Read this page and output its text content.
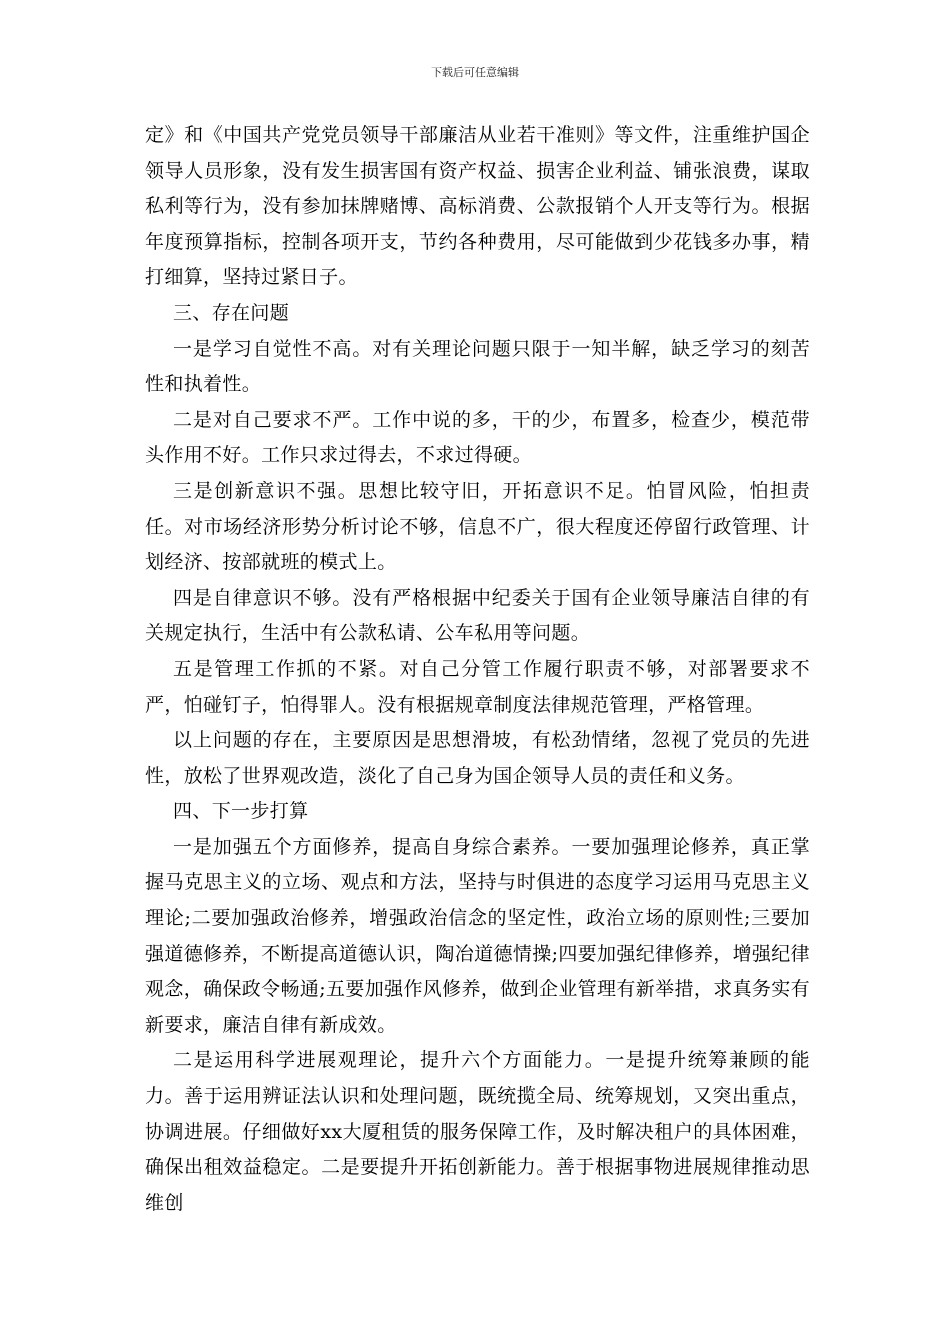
下载后可任意编辑

定》和《中国共产党党员领导干部廉洁从业若干准则》等文件，注重维护国企领导人员形象，没有发生损害国有资产权益、损害企业利益、铺张浪费，谋取私利等行为，没有参加抹牌赌博、高标消费、公款报销个人开支等行为。根据年度预算指标，控制各项开支，节约各种费用，尽可能做到少花钱多办事，精打细算，坚持过紧日子。

三、存在问题

一是学习自觉性不高。对有关理论问题只限于一知半解，缺乏学习的刻苦性和执着性。

二是对自己要求不严。工作中说的多，干的少，布置多，检查少，模范带头作用不好。工作只求过得去，不求过得硬。

三是创新意识不强。思想比较守旧，开拓意识不足。怕冒风险，怕担责任。对市场经济形势分析讨论不够，信息不广，很大程度还停留行政管理、计划经济、按部就班的模式上。

四是自律意识不够。没有严格根据中纪委关于国有企业领导廉洁自律的有关规定执行，生活中有公款私请、公车私用等问题。

五是管理工作抓的不紧。对自己分管工作履行职责不够，对部署要求不严，怕碰钉子，怕得罪人。没有根据规章制度法律规范管理，严格管理。

以上问题的存在，主要原因是思想滑坡，有松劲情绪，忽视了党员的先进性，放松了世界观改造，淡化了自己身为国企领导人员的责任和义务。

四、下一步打算

一是加强五个方面修养，提高自身综合素养。一要加强理论修养，真正掌握马克思主义的立场、观点和方法，坚持与时俱进的态度学习运用马克思主义理论;二要加强政治修养，增强政治信念的坚定性，政治立场的原则性;三要加强道德修养，不断提高道德认识，陶冶道德情操;四要加强纪律修养，增强纪律观念，确保政令畅通;五要加强作风修养，做到企业管理有新举措，求真务实有新要求，廉洁自律有新成效。

二是运用科学进展观理论，提升六个方面能力。一是提升统筹兼顾的能力。善于运用辨证法认识和处理问题，既统揽全局、统筹规划，又突出重点，协调进展。仔细做好xx大厦租赁的服务保障工作，及时解决租户的具体困难，确保出租效益稳定。二是要提升开拓创新能力。善于根据事物进展规律推动思维创
